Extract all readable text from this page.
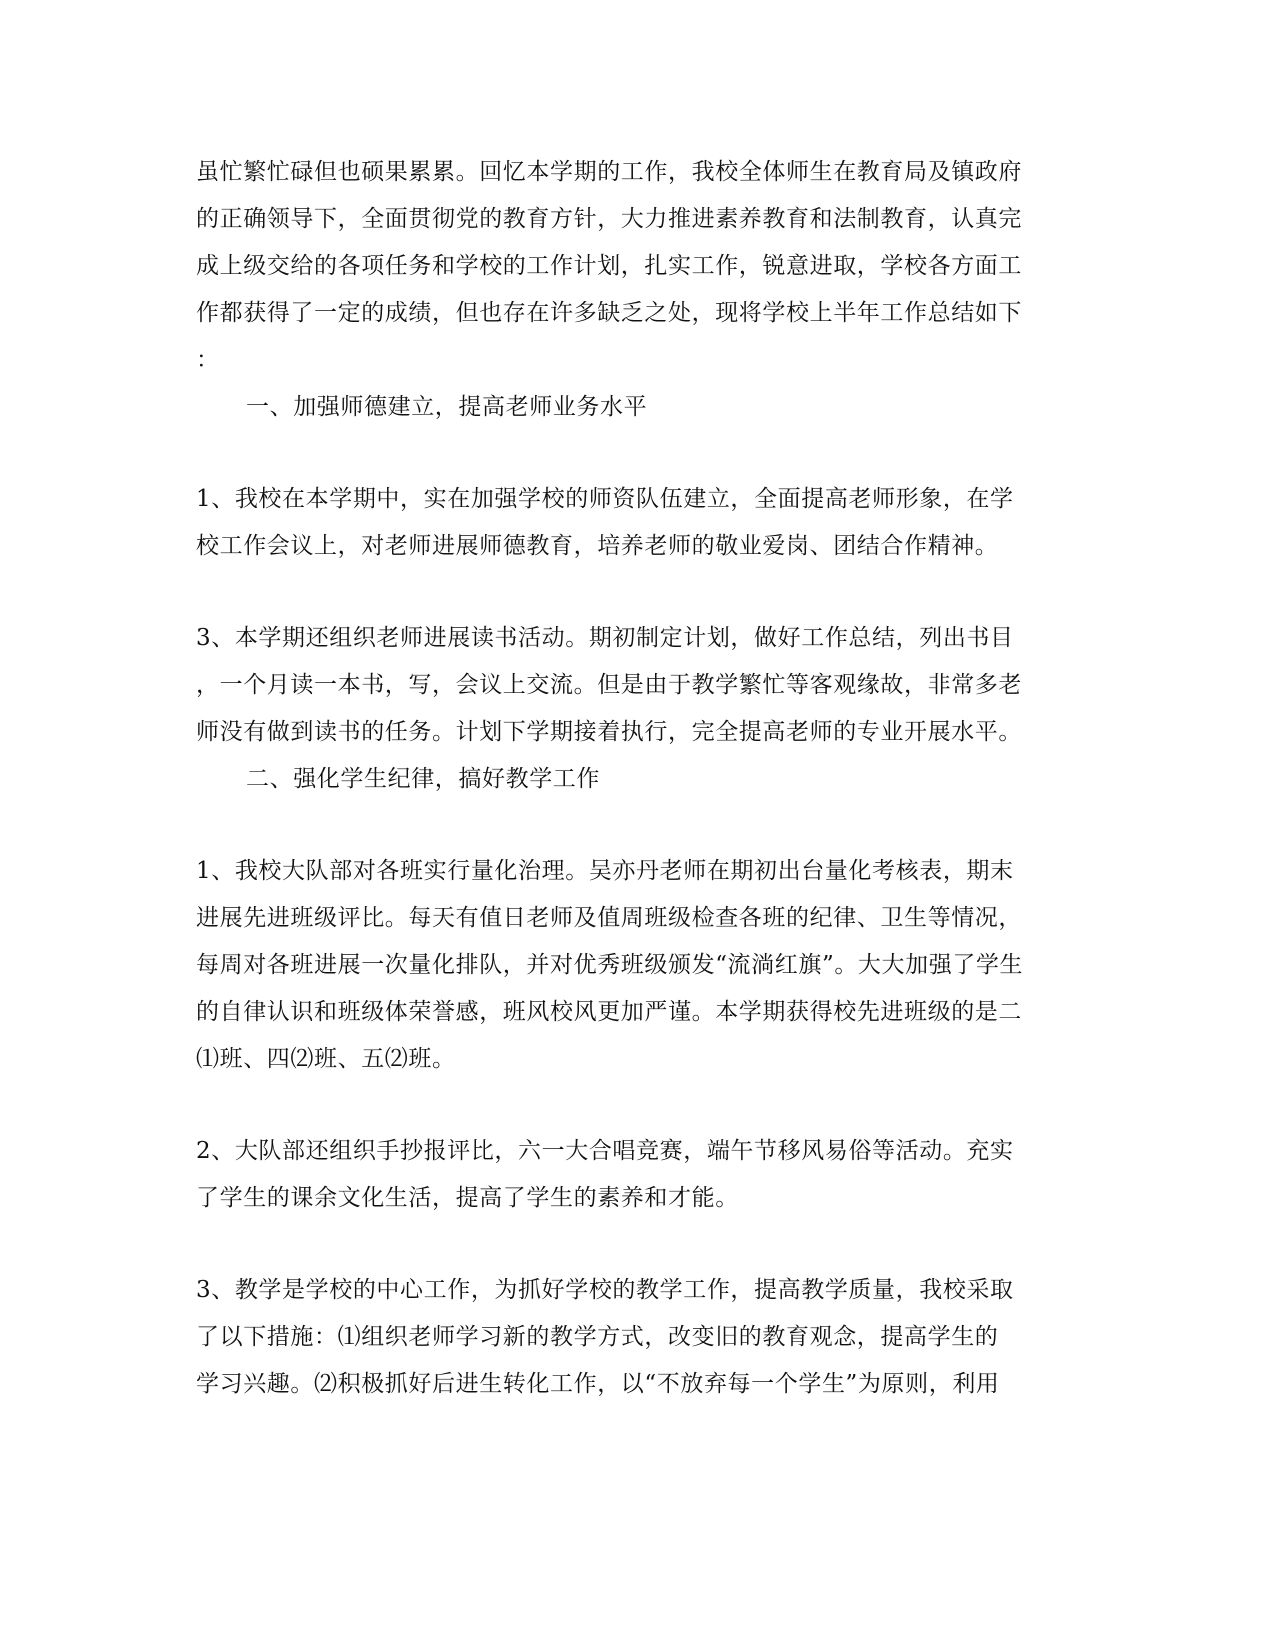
虽忙繁忙碌但也硕果累累。回忆本学期的工作，我校全体师生在教育局及镇政府
的正确领导下，全面贯彻党的教育方针，大力推进素养教育和法制教育，认真完
成上级交给的各项任务和学校的工作计划，扎实工作，锐意进取，学校各方面工
作都获得了一定的成绩，但也存在许多缺乏之处，现将学校上半年工作总结如下
：
一、加强师德建立，提高老师业务水平
1、我校在本学期中，实在加强学校的师资队伍建立，全面提高老师形象，在学
校工作会议上，对老师进展师德教育，培养老师的敬业爱岗、团结合作精神。
3、本学期还组织老师进展读书活动。期初制定计划，做好工作总结，列出书目
，一个月读一本书，写，会议上交流。但是由于教学繁忙等客观缘故，非常多老
师没有做到读书的任务。计划下学期接着执行，完全提高老师的专业开展水平。
二、强化学生纪律，搞好教学工作
1、我校大队部对各班实行量化治理。吴亦丹老师在期初出台量化考核表，期末
进展先进班级评比。每天有值日老师及值周班级检查各班的纪律、卫生等情况，
每周对各班进展一次量化排队，并对优秀班级颁发“流淌红旗”。大大加强了学生
的自律认识和班级体荣誉感，班风校风更加严谨。本学期获得校先进班级的是二
⑴班、四⑵班、五⑵班。
2、大队部还组织手抄报评比，六一大合唱竞赛，端午节移风易俗等活动。充实
了学生的课余文化生活，提高了学生的素养和才能。
3、教学是学校的中心工作，为抓好学校的教学工作，提高教学质量，我校采取
了以下措施：⑴组织老师学习新的教学方式，改变旧的教育观念，提高学生的
学习兴趣。⑵积极抓好后进生转化工作，以“不放弃每一个学生”为原则，利用
